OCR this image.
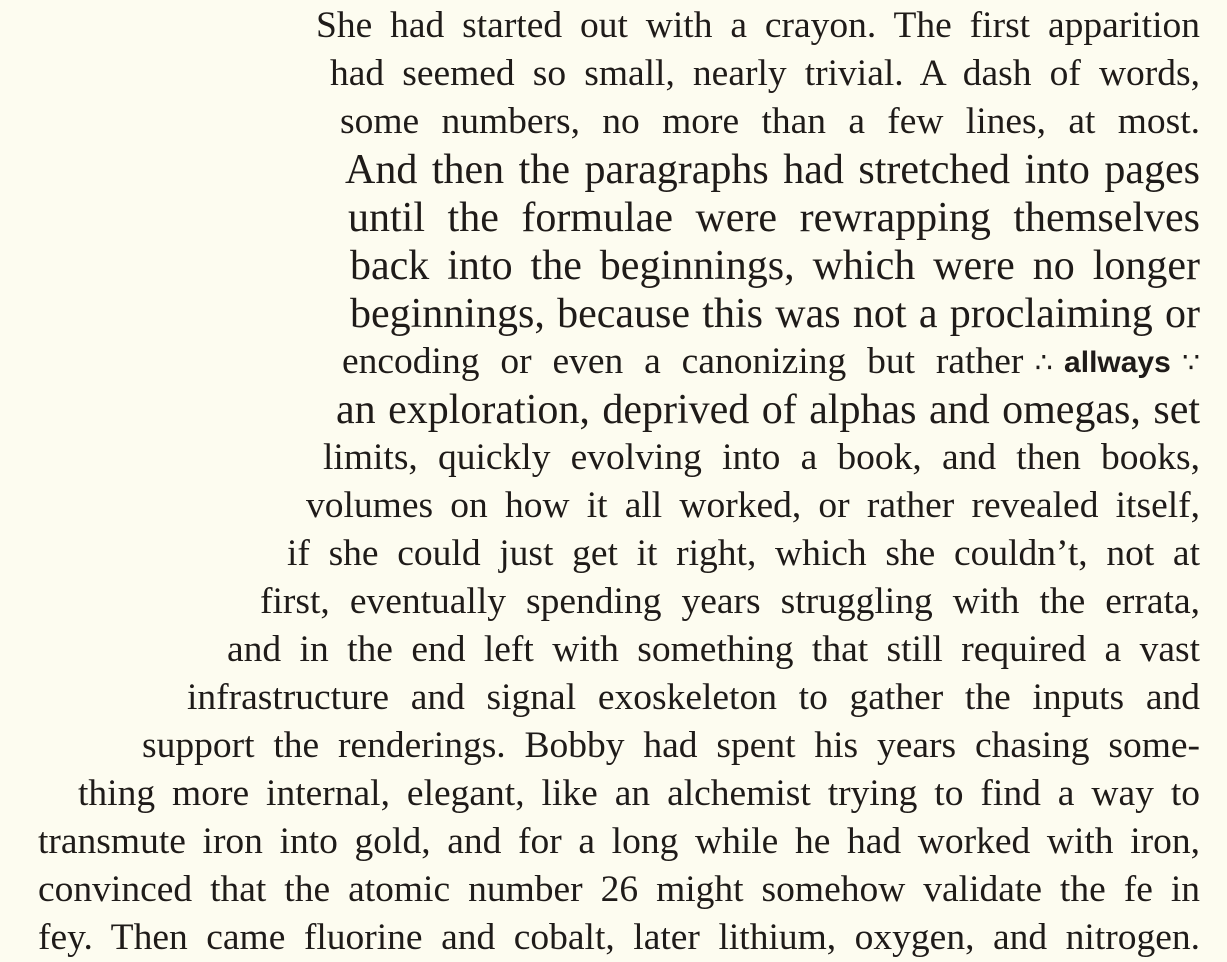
She had started out with a crayon. The first apparition
had seemed so small, nearly trivial. A dash of words,
some numbers, no more than a few lines, at most.
And then the paragraphs had stretched into pages
until the formulae were rewrapping themselves
back into the beginnings, which were no longer
beginnings, because this was not a proclaiming or
encoding or even a canonizing but rather ∴ allways ∵
an exploration, deprived of alphas and omegas, set
limits, quickly evolving into a book, and then books,
volumes on how it all worked, or rather revealed itself,
if she could just get it right, which she couldn’t, not at
first, eventually spending years struggling with the errata,
and in the end left with something that still required a vast
infrastructure and signal exoskeleton to gather the inputs and
support the renderings. Bobby had spent his years chasing some-
thing more internal, elegant, like an alchemist trying to find a way to
transmute iron into gold, and for a long while he had worked with iron,
convinced that the atomic number 26 might somehow validate the fe in
fey. Then came fluorine and cobalt, later lithium, oxygen, and nitrogen.
